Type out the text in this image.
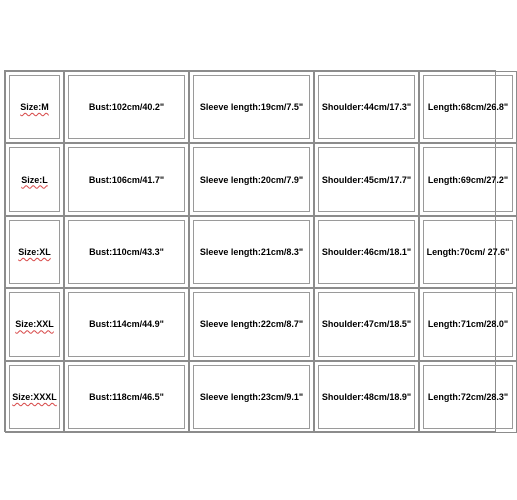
Size:M	Bust:102cm/40.2"	Sleeve length:19cm/7.5"	Shoulder:44cm/17.3"	Length:68cm/26.8"
Size:L	Bust:106cm/41.7"	Sleeve length:20cm/7.9"	Shoulder:45cm/17.7"	Length:69cm/27.2"
Size:XL	Bust:110cm/43.3"	Sleeve length:21cm/8.3"	Shoulder:46cm/18.1"	Length:70cm/ 27.6"
Size:XXL	Bust:114cm/44.9"	Sleeve length:22cm/8.7"	Shoulder:47cm/18.5"	Length:71cm/28.0"
Size:XXXL	Bust:118cm/46.5"	Sleeve length:23cm/9.1"	Shoulder:48cm/18.9"	Length:72cm/28.3"
